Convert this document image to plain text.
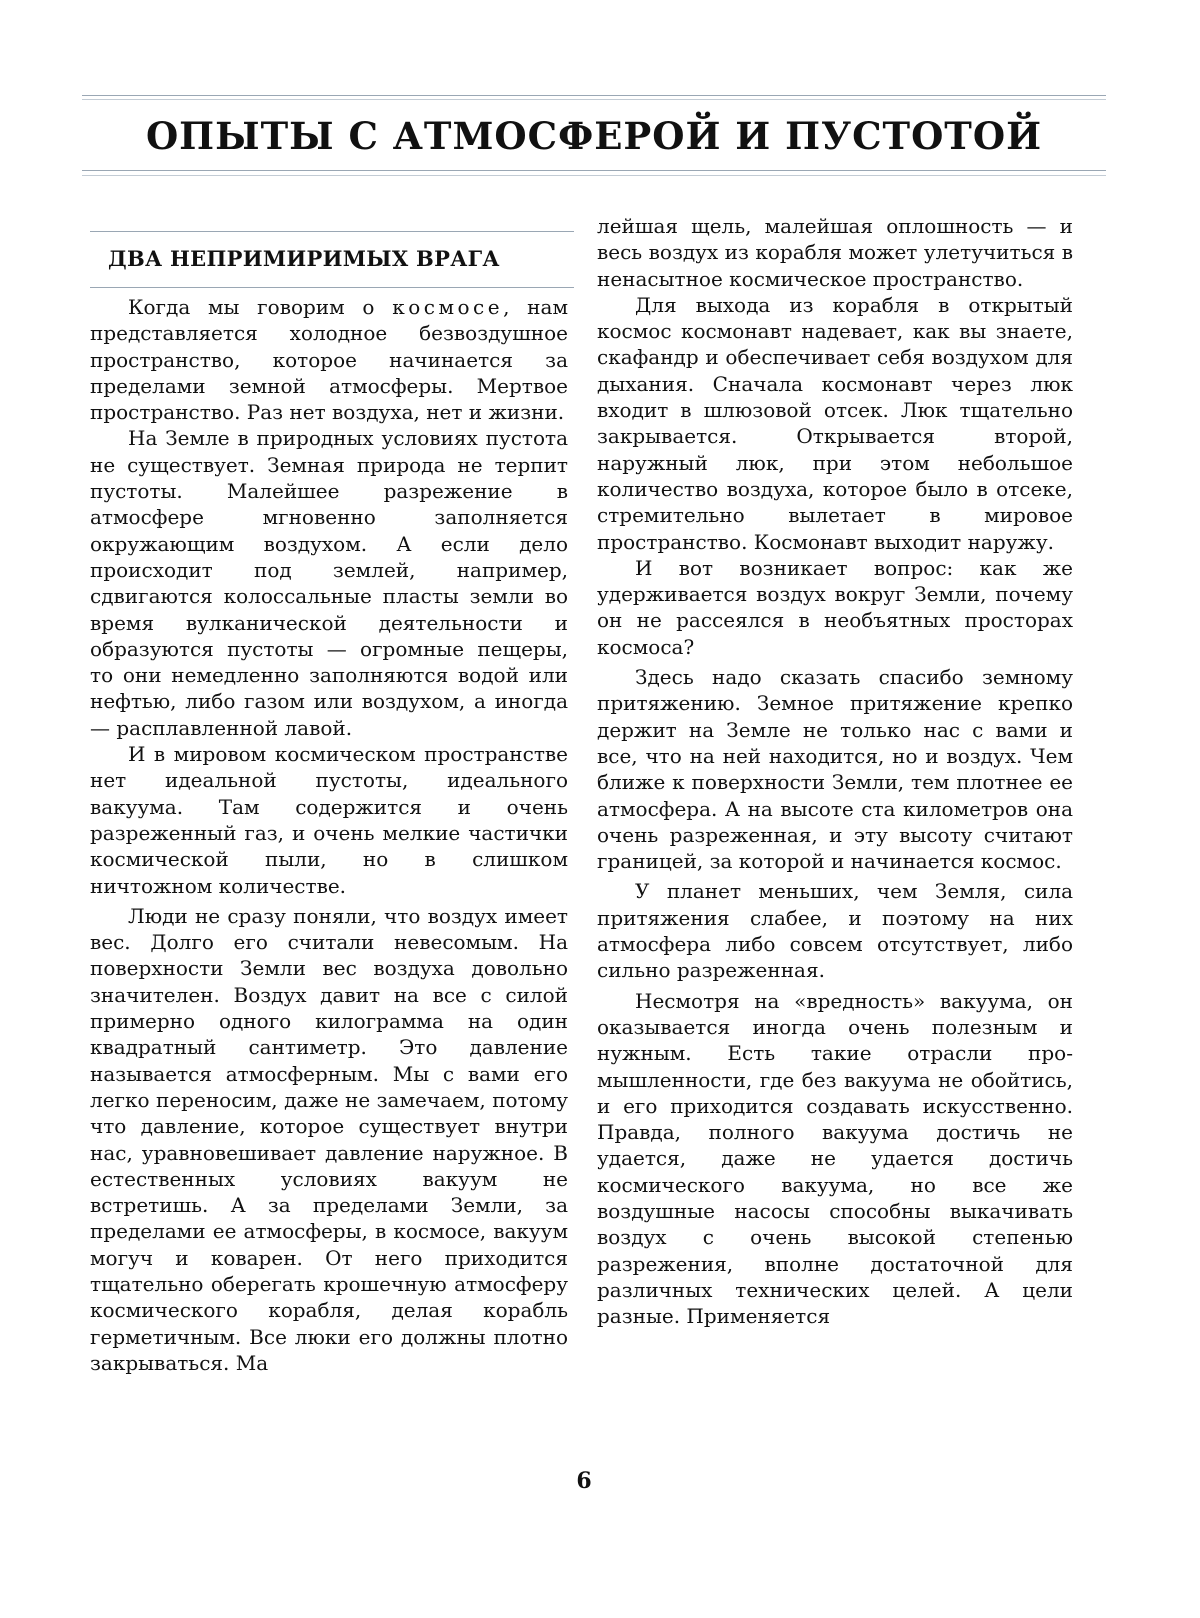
ОПЫТЫ С АТМОСФЕРОЙ И ПУСТОТОЙ
ДВА НЕПРИМИРИМЫХ ВРАГА

Когда мы говорим о космосе, нам представляется холодное безвоздушное пространство, которое начинается за пределами земной атмосферы. Мертвое пространство. Раз нет воздуха, нет и жизни.

На Земле в природных условиях пустота не существует. Земная природа не терпит пустоты. Малейшее разрежение в атмосфере мгновенно заполняется окружающим воздухом. А если дело происходит под землей, например, сдвигаются колоссальные пласты земли во время вулканической деятельности и образуются пустоты — огромные пещеры, то они немедленно заполняются водой или нефтью, либо газом или воздухом, а иногда — расплавленной лавой.

И в мировом космическом пространстве нет идеальной пустоты, идеального вакуума. Там содержится и очень разреженный газ, и очень мелкие частички космической пыли, но в слишком ничтожном количестве.

Люди не сразу поняли, что воздух имеет вес. Долго его считали невесомым. На поверхности Земли вес воздуха довольно значителен. Воздух давит на все с силой примерно одного килограмма на один квадратный сантиметр. Это давление называется атмосферным. Мы с вами его легко переносим, даже не замечаем, потому что давление, которое существует внутри нас, уравновешивает давление наружное. В естественных условиях вакуум не встретишь. А за пределами Земли, за пределами ее атмосферы, в космосе, вакуум могуч и коварен. От него приходится тщательно оберегать крошечную атмосферу космического корабля, делая корабль герметичным. Все люки его должны плотно закрываться. Ма

лейшая щель, малейшая оплошность — и весь воздух из корабля может улетучиться в ненасытное космическое пространство.

Для выхода из корабля в открытый космос космонавт надевает, как вы знаете, скафандр и обеспечивает себя воздухом для дыхания. Сначала космонавт через люк входит в шлюзовой отсек. Люк тщательно закрывается. Открывается второй, наружный люк, при этом небольшое количество воздуха, которое было в отсеке, стремительно вылетает в мировое пространство. Космонавт выходит наружу.

И вот возникает вопрос: как же удерживается воздух вокруг Земли, почему он не рассеялся в необъятных просторах космоса?

Здесь надо сказать спасибо земному притяжению. Земное притяжение крепко держит на Земле не только нас с вами и все, что на ней находится, но и воздух. Чем ближе к поверхности Земли, тем плотнее ее атмосфера. А на высоте ста километров она очень разреженная, и эту высоту считают границей, за которой и начинается космос.

У планет меньших, чем Земля, сила притяжения слабее, и поэтому на них атмосфера либо совсем отсутствует, либо сильно разреженная.

Несмотря на «вредность» вакуума, он оказывается иногда очень полезным и нужным. Есть такие отрасли промышленности, где без вакуума не обойтись, и его приходится создавать искусственно. Правда, полного вакуума достичь не удается, даже не удается достичь космического вакуума, но все же воздушные насосы способны выкачивать воздух с очень высокой степенью разрежения, вполне достаточной для различных технических целей. А цели разные. Применяется

6
